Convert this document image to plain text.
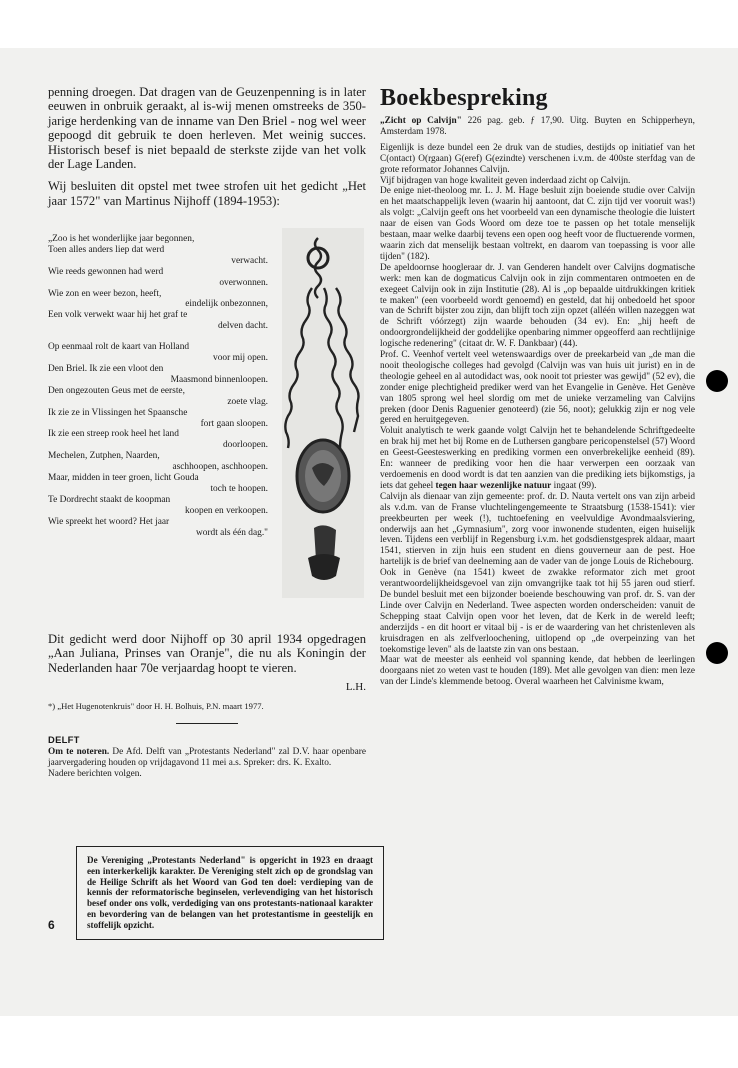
penning droegen. Dat dragen van de Geuzenpenning is in later eeuwen in onbruik geraakt, al is-wij menen omstreeks de 350-jarige herdenking van de inname van Den Briel - nog wel weer gepoogd dit gebruik te doen herleven. Met weinig succes. Historisch besef is niet bepaald de sterkste zijde van het volk der Lage Landen.

Wij besluiten dit opstel met twee strofen uit het gedicht „Het jaar 1572" van Martinus Nijhoff (1894-1953):

„Zoo is het wonderlijke jaar begonnen,
Toen alles anders liep dat werd
verwacht.
Wie reeds gewonnen had werd
overwonnen.
Wie zon en weer bezon, heeft,
eindelijk onbezonnen,
Een volk verwekt waar hij het graf te
delven dacht.
Op eenmaal rolt de kaart van Holland
voor mij open.
Den Briel. Ik zie een vloot den
Maasmond binnenloopen.
Den ongezouten Geus met de eerste,
zoete vlag.
Ik zie ze in Vlissingen het Spaansche
fort gaan sloopen.
Ik zie een streep rook heel het land
doorloopen.
Mechelen, Zutphen, Naarden,
aschhoopen, aschhoopen.
Maar, midden in teer groen, licht Gouda
toch te hoopen.
Te Dordrecht staakt de koopman
koopen en verkoopen.
Wie spreekt het woord? Het jaar
wordt als één dag."

Dit gedicht werd door Nijhoff op 30 april 1934 opgedragen „Aan Juliana, Prinses van Oranje", die nu als Koningin der Nederlanden haar 70e verjaardag hoopt te vieren.

L.H.

*) „Het Hugenotenkruis" door H. H. Bolhuis, P.N. maart 1977.

DELFT

Om te noteren. De Afd. Delft van „Protestants Nederland" zal D.V. haar openbare jaarvergadering houden op vrijdagavond 11 mei a.s. Spreker: drs. K. Exalto.

Nadere berichten volgen.

De Vereniging „Protestants Nederland" is opgericht in 1923 en draagt een interkerkelijk karakter. De Vereniging stelt zich op de grondslag van de Heilige Schrift als het Woord van God ten doel: verdieping van de kennis der reformatorische beginselen, verlevendiging van het historisch besef onder ons volk, verdediging van ons protestants-nationaal karakter en bevordering van de belangen van het protestantisme in geestelijk en stoffelijk opzicht.
6
Boekbespreking

„Zicht op Calvijn" 226 pag. geb. ƒ 17,90. Uitg. Buyten en Schipperheyn, Amsterdam 1978.

Eigenlijk is deze bundel een 2e druk van de studies, destijds op initiatief van het C(ontact) O(rgaan) G(eref) G(ezindte) verschenen i.v.m. de 400ste sterfdag van de grote reformator Johannes Calvijn.

Vijf bijdragen van hoge kwaliteit geven inderdaad zicht op Calvijn.

De enige niet-theoloog mr. L. J. M. Hage besluit zijn boeiende studie over Calvijn en het maatschappelijk leven (waarin hij aantoont, dat C. zijn tijd ver vooruit was!) als volgt: „Calvijn geeft ons het voorbeeld van een dynamische theologie die luistert naar de eisen van Gods Woord om deze toe te passen op het totale menselijk bestaan, maar welke daarbij tevens een open oog heeft voor de fluctuerende vormen, waarin zich dat menselijk bestaan voltrekt, en daarom van toepassing is voor alle tijden" (182).

De apeldoornse hoogleraar dr. J. van Genderen handelt over Calvijns dogmatische werk: men kan de dogmaticus Calvijn ook in zijn commentaren ontmoeten en de exegeet Calvijn ook in zijn Institutie (28). Al is „op bepaalde uitdrukkingen kritiek te maken" (een voorbeeld wordt genoemd) en gesteld, dat hij onbedoeld het spoor van de Schrift bijster zou zijn, dan blijft toch zijn opzet (alléén willen nazeggen wat de Schrift vóórzegt) zijn waarde behouden (34 ev). En: „hij heeft de ondoorgrondelijkheid der goddelijke openbaring nimmer opgeofferd aan rechtlijnige logische redenering" (citaat dr. W. F. Dankbaar) (44).

Prof. C. Veenhof vertelt veel wetenswaardigs over de preekarbeid van „de man die nooit theologische colleges had gevolgd (Calvijn was van huis uit jurist) en in de theologie geheel en al autodidact was, ook nooit tot priester was gewijd" (52 ev), die zonder enige plechtigheid prediker werd van het Evangelie in Genève. Het Genève van 1805 sprong wel heel slordig om met de unieke verzameling van Calvijns preken (door Denis Raguenier genoteerd) (zie 56, noot); gelukkig zijn er nog vele gered en heruitgegeven.

Voluit analytisch te werk gaande volgt Calvijn het te behandelende Schriftgedeelte en brak hij met het bij Rome en de Luthersen gangbare pericopenstelsel (57) Woord en Geest-Geesteswerking en prediking vormen een onverbrekelijke eenheid (89). En: wanneer de prediking voor hen die haar verwerpen een oorzaak van verdoemenis en dood wordt is dat ten aanzien van die prediking iets bijkomstigs, ja iets dat geheel tegen haar wezenlijke natuur ingaat (99).

Calvijn als dienaar van zijn gemeente: prof. dr. D. Nauta vertelt ons van zijn arbeid als v.d.m. van de Franse vluchtelingengemeente te Straatsburg (1538-1541): vier preekbeurten per week (!), tuchtoefening en veelvuldige Avondmaalsviering, onderwijs aan het „Gymnasium", zorg voor inwonende studenten, eigen huiselijk leven. Tijdens een verblijf in Regensburg i.v.m. het godsdienstgesprek aldaar, maart 1541, stierven in zijn huis een student en diens gouverneur aan de pest. Hoe hartelijk is de brief van deelneming aan de vader van de jonge Louis de Richebourg.

Ook in Genève (na 1541) kweet de zwakke reformator zich met groot verantwoordelijkheidsgevoel van zijn omvangrijke taak tot hij 55 jaren oud stierf. De bundel besluit met een bijzonder boeiende beschouwing van prof. dr. S. van der Linde over Calvijn en Nederland. Twee aspecten worden onderscheiden: vanuit de Schepping staat Calvijn open voor het leven, dat de Kerk in de wereld leeft; anderzijds - en dit hoort er vitaal bij - is er de waardering van het christenleven als kruisdragen en als zelfverloochening, uitlopend op „de overpeinzing van het toekomstige leven" als de laatste zin van ons bestaan.

Maar wat de meester als eenheid vol spanning kende, dat hebben de leerlingen doorgaans niet zo weten vast te houden (189). Met alle gevolgen van dien: men leze van der Linde's klemmende betoog. Overal waarheen het Calvinisme kwam,
